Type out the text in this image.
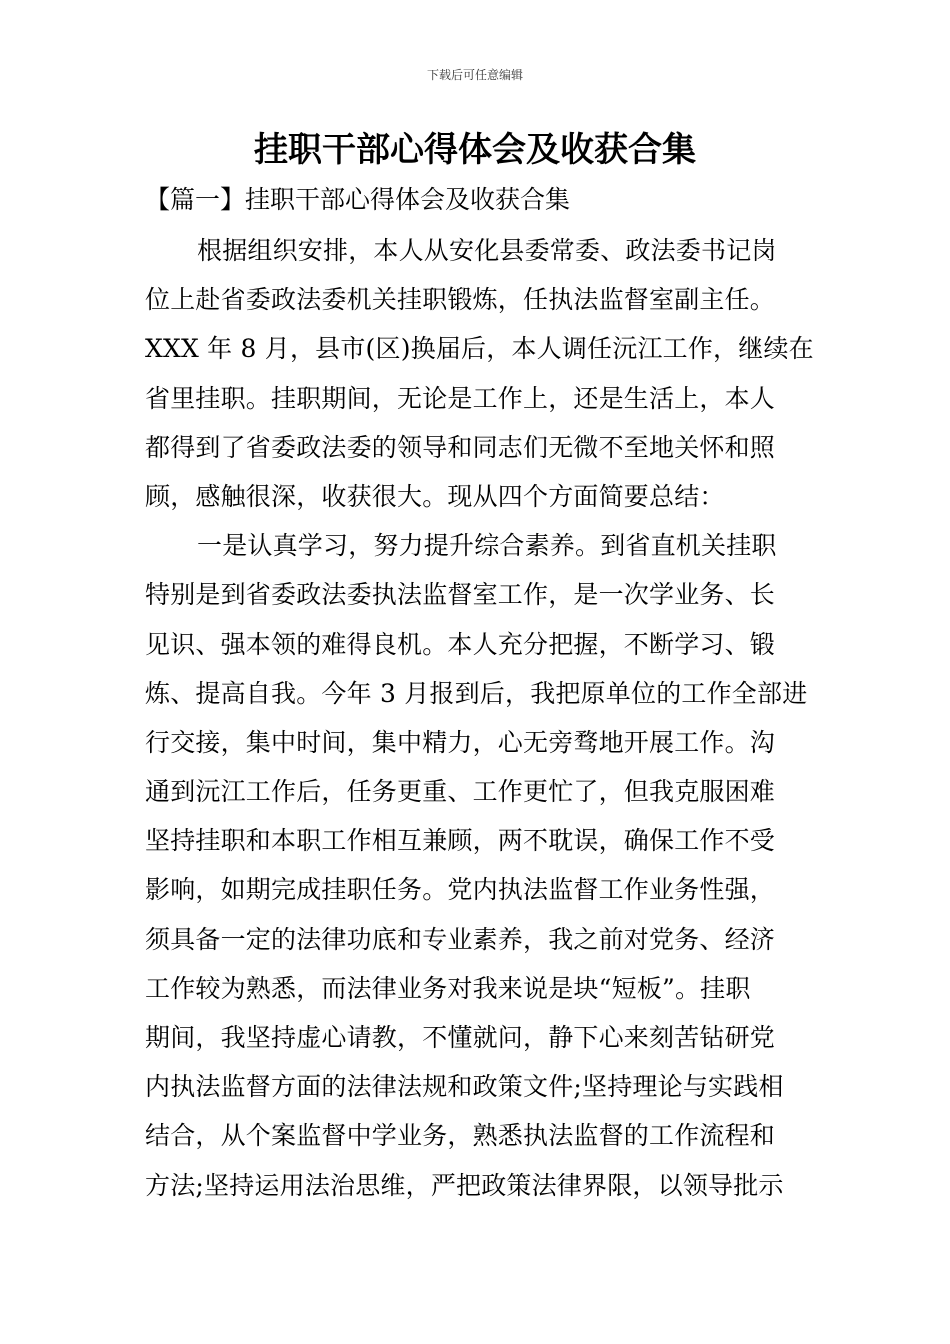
下载后可任意编辑
挂职干部心得体会及收获合集
【篇一】挂职干部心得体会及收获合集
根据组织安排，本人从安化县委常委、政法委书记岗
位上赴省委政法委机关挂职锻炼，任执法监督室副主任。
XXX 年 8 月，县市(区)换届后，本人调任沅江工作，继续在
省里挂职。挂职期间，无论是工作上，还是生活上，本人
都得到了省委政法委的领导和同志们无微不至地关怀和照
顾，感触很深，收获很大。现从四个方面简要总结：
一是认真学习，努力提升综合素养。到省直机关挂职
特别是到省委政法委执法监督室工作，是一次学业务、长
见识、强本领的难得良机。本人充分把握，不断学习、锻
炼、提高自我。今年 3 月报到后，我把原单位的工作全部进
行交接，集中时间，集中精力，心无旁骛地开展工作。沟
通到沅江工作后，任务更重、工作更忙了，但我克服困难
坚持挂职和本职工作相互兼顾，两不耽误，确保工作不受
影响，如期完成挂职任务。党内执法监督工作业务性强，
须具备一定的法律功底和专业素养，我之前对党务、经济
工作较为熟悉，而法律业务对我来说是块“短板”。挂职
期间，我坚持虚心请教，不懂就问，静下心来刻苦钻研党
内执法监督方面的法律法规和政策文件;坚持理论与实践相
结合，从个案监督中学业务，熟悉执法监督的工作流程和
方法;坚持运用法治思维，严把政策法律界限，以领导批示
